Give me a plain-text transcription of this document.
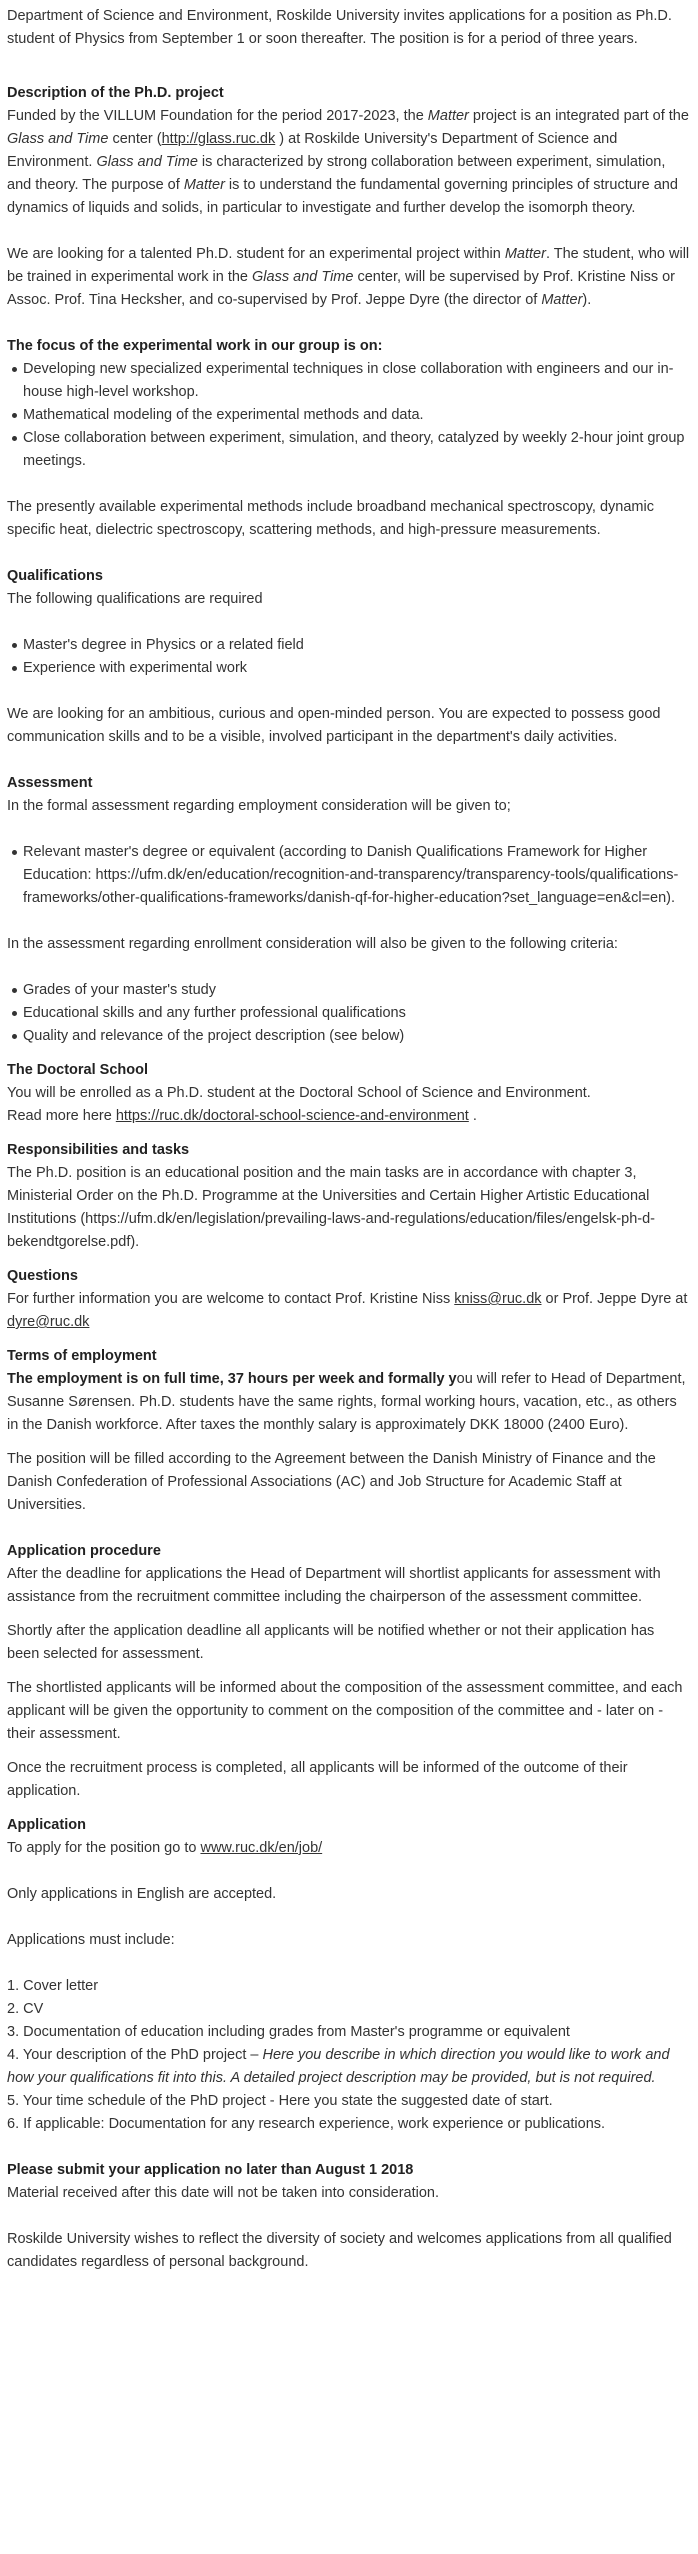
Department of Science and Environment, Roskilde University invites applications for a position as Ph.D. student of Physics from September 1 or soon thereafter. The position is for a period of three years.

Description of the Ph.D. project

Funded by the VILLUM Foundation for the period 2017-2023, the Matter project is an integrated part of the Glass and Time center (http://glass.ruc.dk ) at Roskilde University's Department of Science and Environment. Glass and Time is characterized by strong collaboration between experiment, simulation, and theory. The purpose of Matter is to understand the fundamental governing principles of structure and dynamics of liquids and solids, in particular to investigate and further develop the isomorph theory.

We are looking for a talented Ph.D. student for an experimental project within Matter. The student, who will be trained in experimental work in the Glass and Time center, will be supervised by Prof. Kristine Niss or Assoc. Prof. Tina Hecksher, and co-supervised by Prof. Jeppe Dyre (the director of Matter).

The focus of the experimental work in our group is on:

Developing new specialized experimental techniques in close collaboration with engineers and our in-house high-level workshop.
Mathematical modeling of the experimental methods and data.
Close collaboration between experiment, simulation, and theory, catalyzed by weekly 2-hour joint group meetings.

The presently available experimental methods include broadband mechanical spectroscopy, dynamic specific heat, dielectric spectroscopy, scattering methods, and high-pressure measurements.

Qualifications

The following qualifications are required

Master's degree in Physics or a related field
Experience with experimental work

We are looking for an ambitious, curious and open-minded person. You are expected to possess good communication skills and to be a visible, involved participant in the department's daily activities.

Assessment

In the formal assessment regarding employment consideration will be given to;

Relevant master's degree or equivalent (according to Danish Qualifications Framework for Higher Education: https://ufm.dk/en/education/recognition-and-transparency/transparency-tools/qualifications-frameworks/other-qualifications-frameworks/danish-qf-for-higher-education?set_language=en&cl=en).

In the assessment regarding enrollment consideration will also be given to the following criteria:

Grades of your master's study
Educational skills and any further professional qualifications
Quality and relevance of the project description (see below)

The Doctoral School

You will be enrolled as a Ph.D. student at the Doctoral School of Science and Environment.

Read more here https://ruc.dk/doctoral-school-science-and-environment .

Responsibilities and tasks

The Ph.D. position is an educational position and the main tasks are in accordance with chapter 3, Ministerial Order on the Ph.D. Programme at the Universities and Certain Higher Artistic Educational Institutions (https://ufm.dk/en/legislation/prevailing-laws-and-regulations/education/files/engelsk-ph-d-bekendtgorelse.pdf).

Questions

For further information you are welcome to contact Prof. Kristine Niss kniss@ruc.dk or Prof. Jeppe Dyre at dyre@ruc.dk

Terms of employment

The employment is on full time, 37 hours per week and formally you will refer to Head of Department, Susanne Sørensen. Ph.D. students have the same rights, formal working hours, vacation, etc., as others in the Danish workforce. After taxes the monthly salary is approximately DKK 18000 (2400 Euro).

The position will be filled according to the Agreement between the Danish Ministry of Finance and the Danish Confederation of Professional Associations (AC) and Job Structure for Academic Staff at Universities.

Application procedure

After the deadline for applications the Head of Department will shortlist applicants for assessment with assistance from the recruitment committee including the chairperson of the assessment committee.

Shortly after the application deadline all applicants will be notified whether or not their application has been selected for assessment.

The shortlisted applicants will be informed about the composition of the assessment committee, and each applicant will be given the opportunity to comment on the composition of the committee and - later on - their assessment.

Once the recruitment process is completed, all applicants will be informed of the outcome of their application.

Application

To apply for the position go to www.ruc.dk/en/job/

Only applications in English are accepted.

Applications must include:

1. Cover letter

2. CV

3. Documentation of education including grades from Master's programme or equivalent

4. Your description of the PhD project – Here you describe in which direction you would like to work and how your qualifications fit into this. A detailed project description may be provided, but is not required.

5. Your time schedule of the PhD project - Here you state the suggested date of start.

6. If applicable: Documentation for any research experience, work experience or publications.

Please submit your application no later than August 1 2018

Material received after this date will not be taken into consideration.

Roskilde University wishes to reflect the diversity of society and welcomes applications from all qualified candidates regardless of personal background.
